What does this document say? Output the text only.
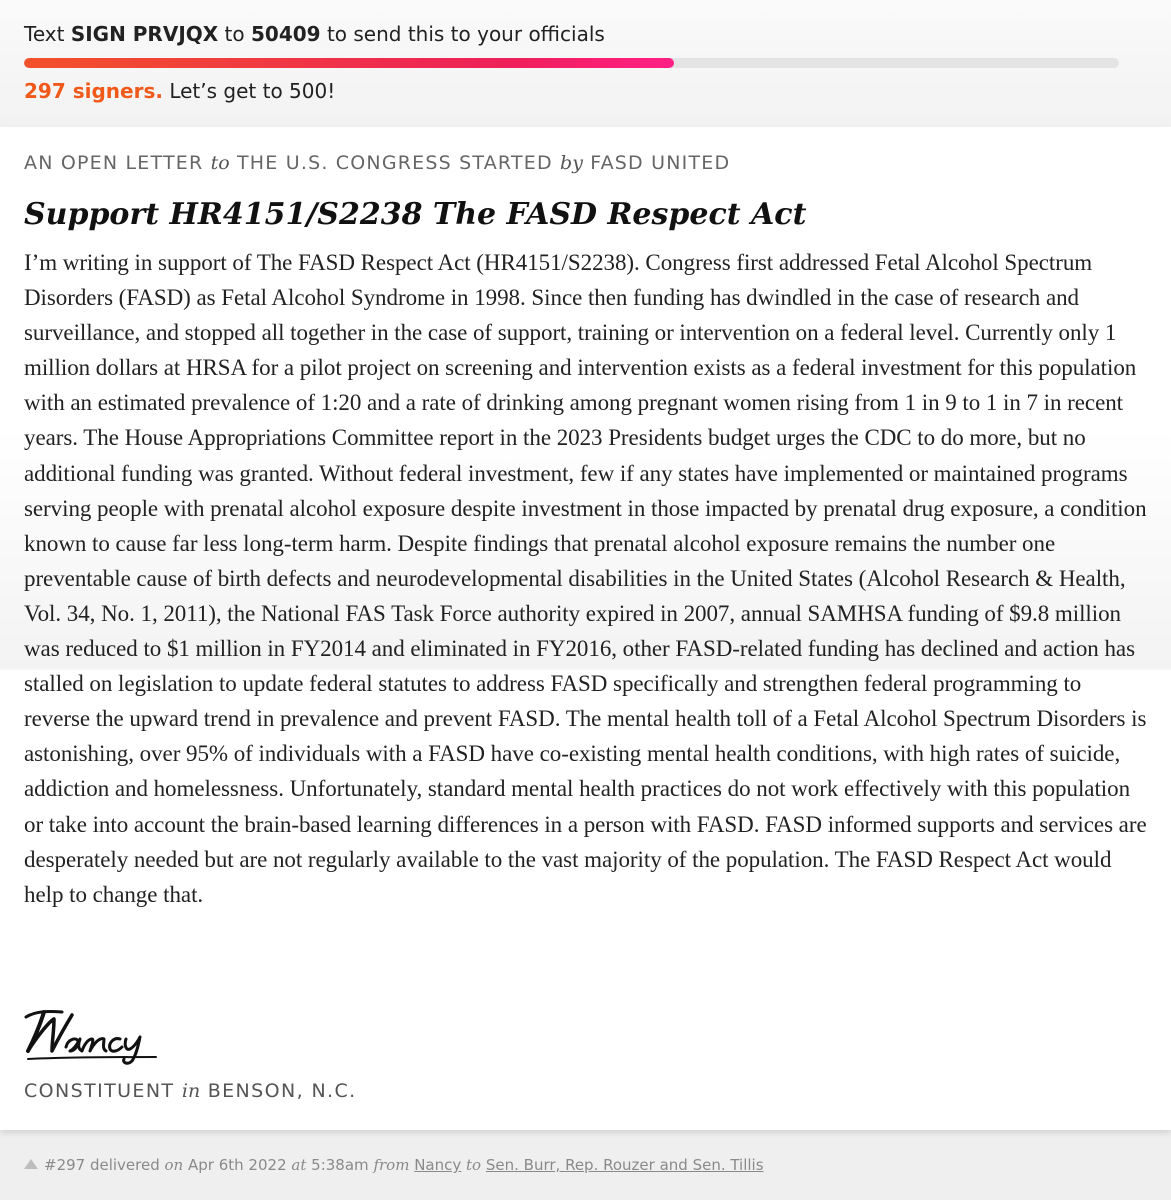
Text SIGN PRVJQX to 50409 to send this to your officials
297 signers. Let’s get to 500!
AN OPEN LETTER to THE U.S. CONGRESS STARTED by FASD UNITED
Support HR4151/S2238 The FASD Respect Act

I’m writing in support of The FASD Respect Act (HR4151/S2238). Congress first addressed Fetal Alcohol Spectrum Disorders (FASD) as Fetal Alcohol Syndrome in 1998. Since then funding has dwindled in the case of research and surveillance, and stopped all together in the case of support, training or intervention on a federal level. Currently only 1 million dollars at HRSA for a pilot project on screening and intervention exists as a federal investment for this population with an estimated prevalence of 1:20 and a rate of drinking among pregnant women rising from 1 in 9 to 1 in 7 in recent years. The House Appropriations Committee report in the 2023 Presidents budget urges the CDC to do more, but no additional funding was granted. Without federal investment, few if any states have implemented or maintained programs serving people with prenatal alcohol exposure despite investment in those impacted by prenatal drug exposure, a condition known to cause far less long-term harm. Despite findings that prenatal alcohol exposure remains the number one preventable cause of birth defects and neurodevelopmental disabilities in the United States (Alcohol Research & Health, Vol. 34, No. 1, 2011), the National FAS Task Force authority expired in 2007, annual SAMHSA funding of $9.8 million was reduced to $1 million in FY2014 and eliminated in FY2016, other FASD-related funding has declined and action has stalled on legislation to update federal statutes to address FASD specifically and strengthen federal programming to reverse the upward trend in prevalence and prevent FASD. The mental health toll of a Fetal Alcohol Spectrum Disorders is astonishing, over 95% of individuals with a FASD have co-existing mental health conditions, with high rates of suicide, addiction and homelessness. Unfortunately, standard mental health practices do not work effectively with this population or take into account the brain-based learning differences in a person with FASD. FASD informed supports and services are desperately needed but are not regularly available to the vast majority of the population. The FASD Respect Act would help to change that.

CONSTITUENT in BENSON, N.C.
#297 delivered on Apr 6th 2022 at 5:38am from Nancy to Sen. Burr, Rep. Rouzer and Sen. Tillis
